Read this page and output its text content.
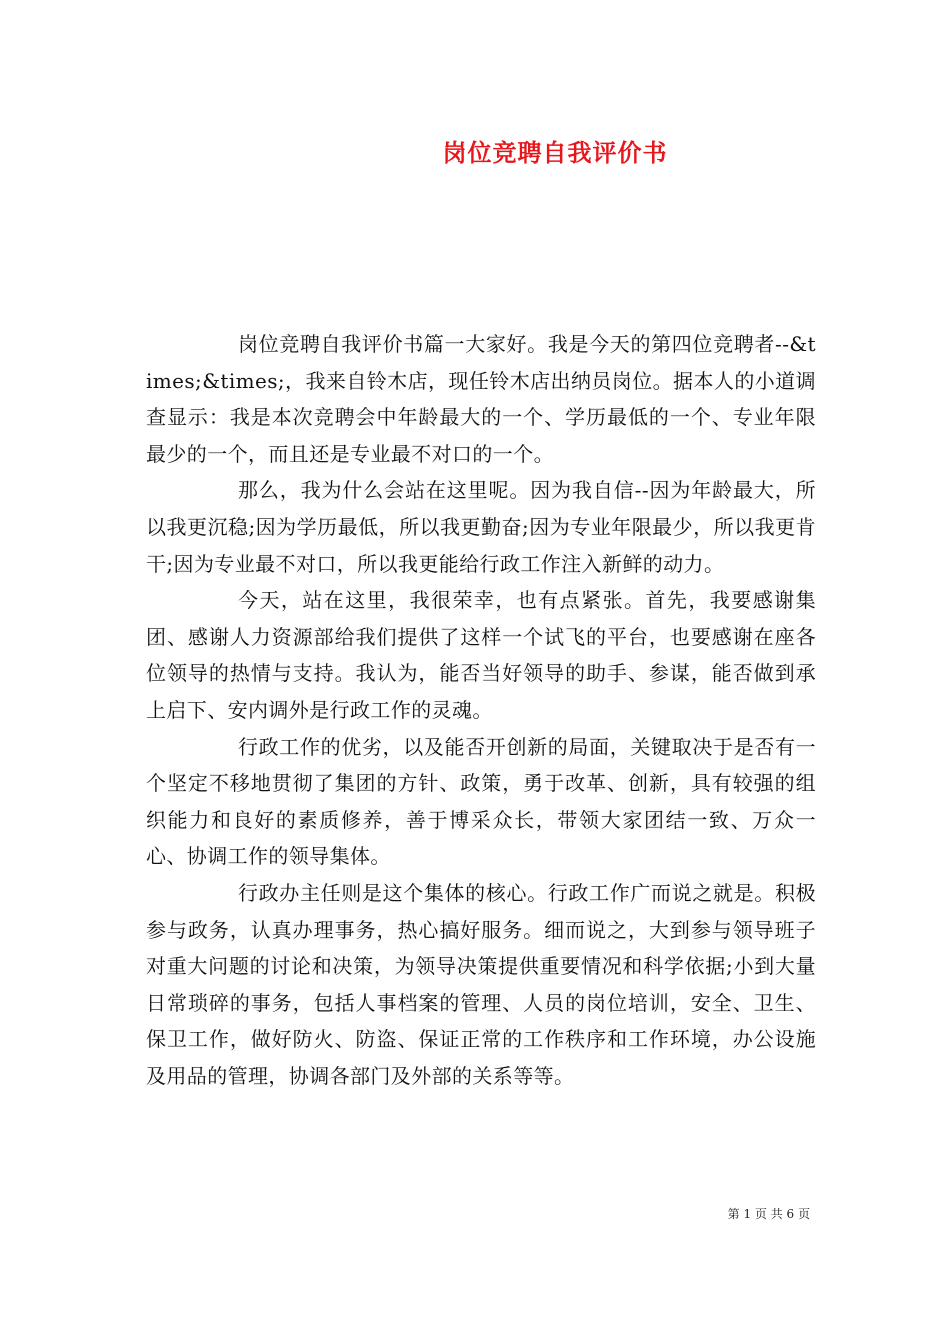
岗位竞聘自我评价书

岗位竞聘自我评价书篇一大家好。我是今天的第四位竞聘者--&times;&times;，我来自铃木店，现任铃木店出纳员岗位。据本人的小道调查显示：我是本次竞聘会中年龄最大的一个、学历最低的一个、专业年限最少的一个，而且还是专业最不对口的一个。

那么，我为什么会站在这里呢。因为我自信--因为年龄最大，所以我更沉稳;因为学历最低，所以我更勤奋;因为专业年限最少，所以我更肯干;因为专业最不对口，所以我更能给行政工作注入新鲜的动力。

今天，站在这里，我很荣幸，也有点紧张。首先，我要感谢集团、感谢人力资源部给我们提供了这样一个试飞的平台，也要感谢在座各位领导的热情与支持。我认为，能否当好领导的助手、参谋，能否做到承上启下、安内调外是行政工作的灵魂。

行政工作的优劣，以及能否开创新的局面，关键取决于是否有一个坚定不移地贯彻了集团的方针、政策，勇于改革、创新，具有较强的组织能力和良好的素质修养，善于博采众长，带领大家团结一致、万众一心、协调工作的领导集体。

行政办主任则是这个集体的核心。行政工作广而说之就是。积极参与政务，认真办理事务，热心搞好服务。细而说之，大到参与领导班子对重大问题的讨论和决策，为领导决策提供重要情况和科学依据;小到大量日常琐碎的事务，包括人事档案的管理、人员的岗位培训，安全、卫生、保卫工作，做好防火、防盗、保证正常的工作秩序和工作环境，办公设施及用品的管理，协调各部门及外部的关系等等。

第 1 页 共 6 页
